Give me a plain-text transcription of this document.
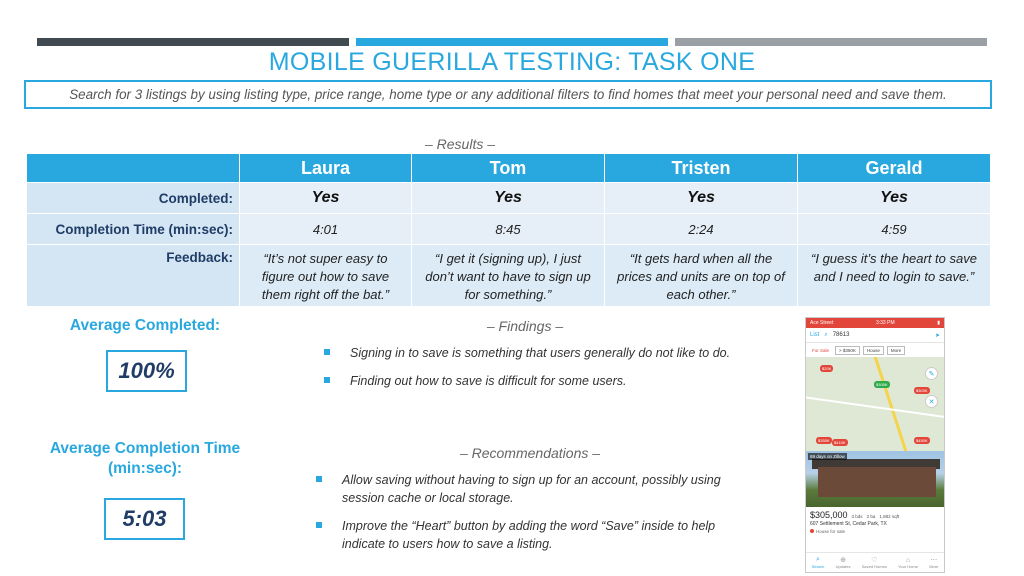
MOBILE GUERILLA TESTING: TASK ONE
Search for 3 listings by using listing type, price range, home type or any additional filters to find homes that meet your personal need and save them.
– Results –
	Laura	Tom	Tristen	Gerald
Completed:	Yes	Yes	Yes	Yes
Completion Time (min:sec):	4:01	8:45	2:24	4:59
Feedback:	“It’s not super easy to figure out how to save them right off the bat.”	“I get it (signing up), I just don’t want to have to sign up for something.”	“It gets hard when all the prices and units are on top of each other.”	“I guess it’s the heart to save and I need to login to save.”
Average Completed:
100%
Average Completion Time (min:sec):
5:03
– Findings –
Signing in to save is something that users generally do not like to do.
Finding out how to save is difficult for some users.
– Recommendations –
Allow saving without having to sign up for an account, possibly using session cache or local storage.
Improve the “Heart” button by adding the word “Save” inside to help indicate to users how to save a listing.
Ace Street	3:33 PM	▮
List ⌕ 78613	➤
For Sale	> $350K	House	More
$20K
$305K
$303K
$355K	$410K	$450K
✎
✕
69 days on Zillow
$305,000 3 bds 2 ba 1,882 sqft
607 Settlement St, Cedar Park, TX
House for sale
⌕
Search
⊕
Updates
♡
Saved Homes
⌂
Your Home
⋯
More
